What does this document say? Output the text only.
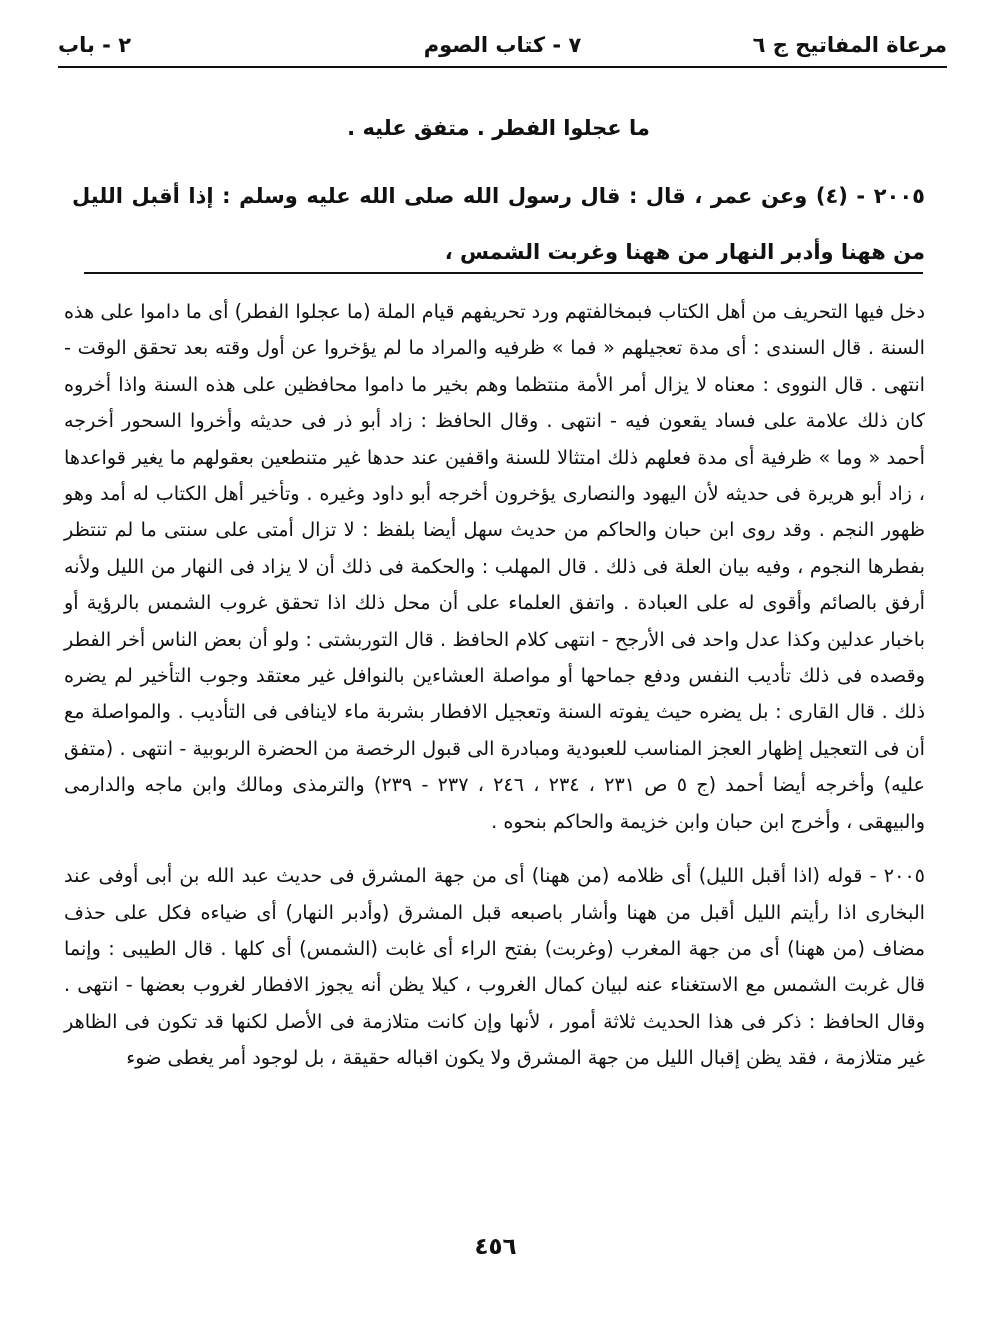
مرعاة المفاتيح ج ٦
٧ - كتاب الصوم
٢ - باب
ما عجلوا الفطر . متفق عليه .
٢٠٠٥ - (٤) وعن عمر ، قال : قال رسول الله صلى الله عليه وسلم : إذا أقبل الليل من ههنا وأدبر النهار من ههنا وغربت الشمس ،

دخل فيها التحريف من أهل الكتاب فبمخالفتهم ورد تحريفهم قيام الملة (ما عجلوا الفطر) أى ما داموا على هذه السنة . قال السندى : أى مدة تعجيلهم « فما » ظرفيه والمراد ما لم يؤخروا عن أول وقته بعد تحقق الوقت - انتهى . قال النووى : معناه لا يزال أمر الأمة منتظما وهم بخير ما داموا محافظين على هذه السنة واذا أخروه كان ذلك علامة على فساد يقعون فيه - انتهى . وقال الحافظ : زاد أبو ذر فى حديثه وأخروا السحور أخرجه أحمد « وما » ظرفية أى مدة فعلهم ذلك امتثالا للسنة واقفين عند حدها غير متنطعين بعقولهم ما يغير قواعدها ، زاد أبو هريرة فى حديثه لأن اليهود والنصارى يؤخرون أخرجه أبو داود وغيره . وتأخير أهل الكتاب له أمد وهو ظهور النجم . وقد روى ابن حبان والحاكم من حديث سهل أيضا بلفظ : لا تزال أمتى على سنتى ما لم تنتظر بفطرها النجوم ، وفيه بيان العلة فى ذلك . قال المهلب : والحكمة فى ذلك أن لا يزاد فى النهار من الليل ولأنه أرفق بالصائم وأقوى له على العبادة . واتفق العلماء على أن محل ذلك اذا تحقق غروب الشمس بالرؤية أو باخبار عدلين وكذا عدل واحد فى الأرجح - انتهى كلام الحافظ . قال التوربشتى : ولو أن بعض الناس أخر الفطر وقصده فى ذلك تأديب النفس ودفع جماحها أو مواصلة العشاءين بالنوافل غير معتقد وجوب التأخير لم يضره ذلك . قال القارى : بل يضره حيث يفوته السنة وتعجيل الافطار بشربة ماء لاينافى فى التأديب . والمواصلة مع أن فى التعجيل إظهار العجز المناسب للعبودية ومبادرة الى قبول الرخصة من الحضرة الربوبية - انتهى . (متفق عليه) وأخرجه أيضا أحمد (ج ٥ ص ٢٣١ ، ٢٣٤ ، ٢٤٦ ، ٢٣٧ - ٢٣٩) والترمذى ومالك وابن ماجه والدارمى والبيهقى ، وأخرج ابن حبان وابن خزيمة والحاكم بنحوه .

٢٠٠٥ - قوله (اذا أقبل الليل) أى ظلامه (من ههنا) أى من جهة المشرق فى حديث عبد الله بن أبى أوفى عند البخارى اذا رأيتم الليل أقبل من ههنا وأشار باصبعه قبل المشرق (وأدبر النهار) أى ضياءه فكل على حذف مضاف (من ههنا) أى من جهة المغرب (وغربت) بفتح الراء أى غابت (الشمس) أى كلها . قال الطيبى : وإنما قال غربت الشمس مع الاستغناء عنه لبيان كمال الغروب ، كيلا يظن أنه يجوز الافطار لغروب بعضها - انتهى . وقال الحافظ : ذكر فى هذا الحديث ثلاثة أمور ، لأنها وإن كانت متلازمة فى الأصل لكنها قد تكون فى الظاهر غير متلازمة ، فقد يظن إقبال الليل من جهة المشرق ولا يكون اقباله حقيقة ، بل لوجود أمر يغطى ضوء

٤٥٦
